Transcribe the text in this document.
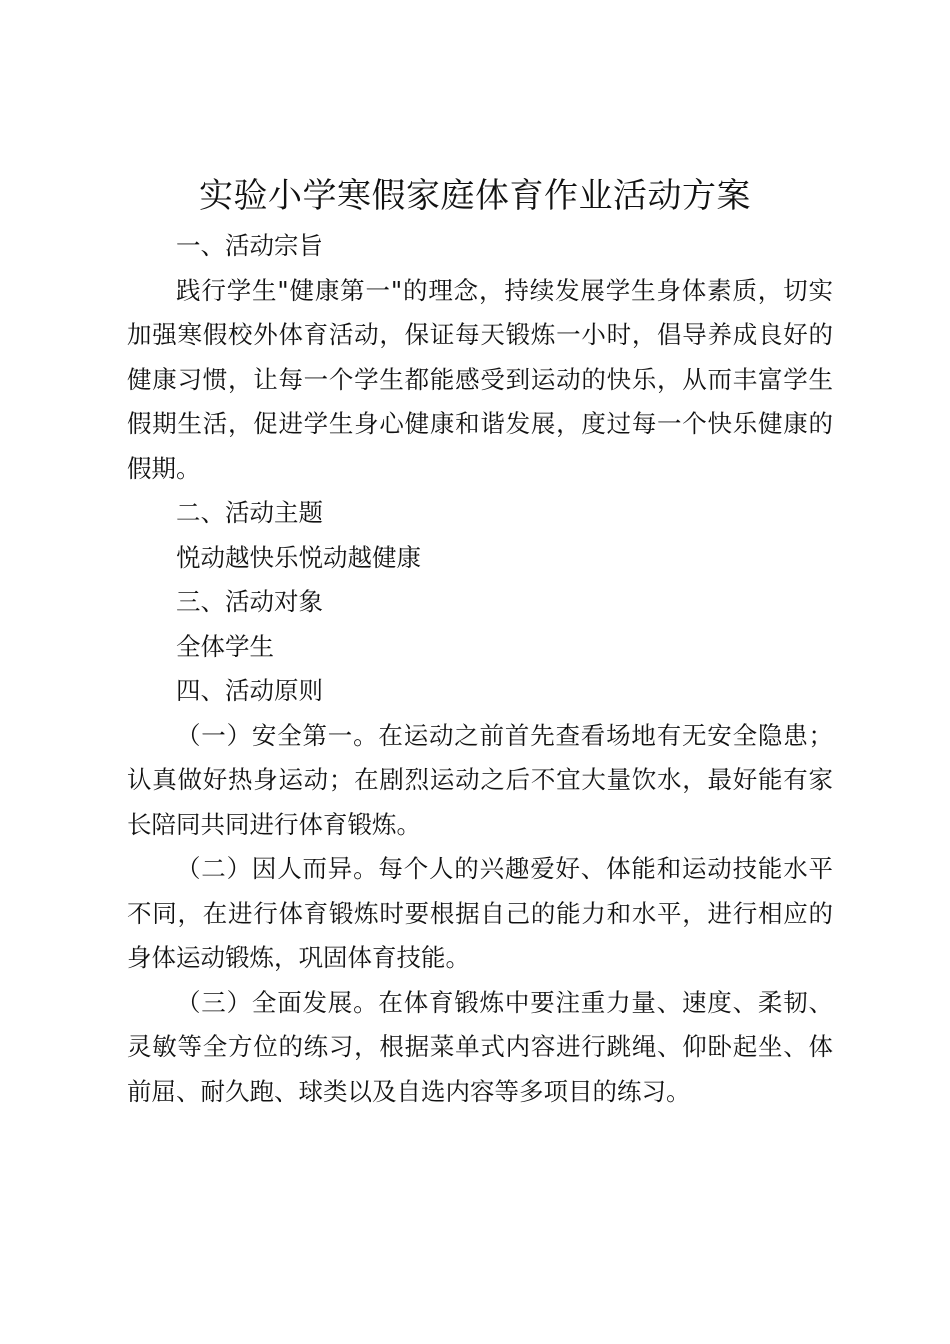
实验小学寒假家庭体育作业活动方案

一、活动宗旨

践行学生"健康第一"的理念，持续发展学生身体素质，切实加强寒假校外体育活动，保证每天锻炼一小时，倡导养成良好的健康习惯，让每一个学生都能感受到运动的快乐，从而丰富学生假期生活，促进学生身心健康和谐发展，度过每一个快乐健康的假期。

二、活动主题

悦动越快乐悦动越健康

三、活动对象

全体学生

四、活动原则

（一）安全第一。在运动之前首先查看场地有无安全隐患；认真做好热身运动；在剧烈运动之后不宜大量饮水，最好能有家长陪同共同进行体育锻炼。

（二）因人而异。每个人的兴趣爱好、体能和运动技能水平不同，在进行体育锻炼时要根据自己的能力和水平，进行相应的身体运动锻炼，巩固体育技能。

（三）全面发展。在体育锻炼中要注重力量、速度、柔韧、灵敏等全方位的练习，根据菜单式内容进行跳绳、仰卧起坐、体前屈、耐久跑、球类以及自选内容等多项目的练习。
